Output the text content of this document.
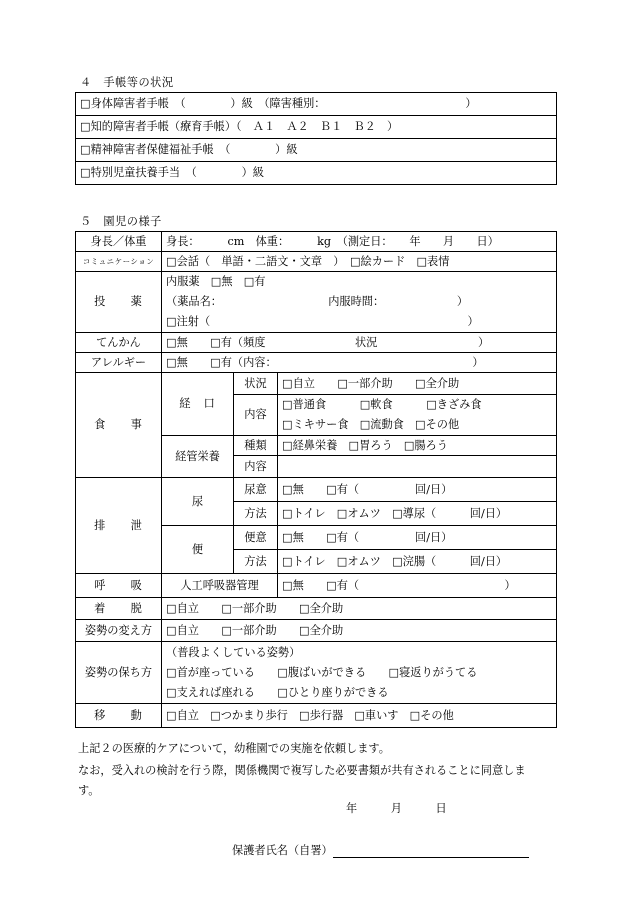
４　手帳等の状況
□身体障害者手帳　（　　　　）級　（障害種別：　　　　　　　　　　　　　）
□知的障害者手帳（療育手帳）（　Ａ１　Ａ２　Ｂ１　Ｂ２　）
□精神障害者保健福祉手帳　（　　　　）級
□特別児童扶養手当　（　　　　）級
５　園児の様子
身長／体重	身長：　　　cm　体重：　　　kg　（測定日：　　年　　月　　日）		
コミュニケーション	□会話（　単語・二語文・文章　）　□絵カード　□表情		
投　　薬	内服薬　□無　□有
（薬品名：　　　　　　　　　　内服時間：　　　　　　　）
□注射（　　　　　　　　　　　　　　　　　　　　　　　）		

てんかん	□無　　□有（頻度　　　　　　　　状況　　　　　　　　　）		
アレルギー	□無　　□有（内容：　　　　　　　　　　　　　　　　　　）		
食　　事	経　口	状況	□自立　　□一部介助　　□全介助
		内容	□普通食　　　□軟食　　　□きざみ食
□ミキサー食　□流動食　□その他

	経管栄養	種類	□経鼻栄養　□胃ろう　□腸ろう
		内容	
排　　泄	尿	尿意	□無　　□有（　　　　　回/日）
		方法	□トイレ　□オムツ　□導尿（　　　回/日）
	便	便意	□無　　□有（　　　　　回/日）
		方法	□トイレ　□オムツ　□浣腸（　　　回/日）
呼　　吸	人工呼吸器管理		□無　　□有（　　　　　　　　　　　　　）
着　　脱	□自立　　□一部介助　　□全介助		
姿勢の変え方	□自立　　□一部介助　　□全介助		
姿勢の保ち方	（普段よくしている姿勢）
□首が座っている　　□腹ばいができる　　□寝返りがうてる
□支えれば座れる　　□ひとり座りができる		

移　　動	□自立　□つかまり歩行　□歩行器　□車いす　□その他		
上記２の医療的ケアについて，幼稚園での実施を依頼します。
なお，受入れの検討を行う際，関係機関で複写した必要書類が共有されることに同意しま
す。
年　　　月　　　日
保護者氏名（自署）
